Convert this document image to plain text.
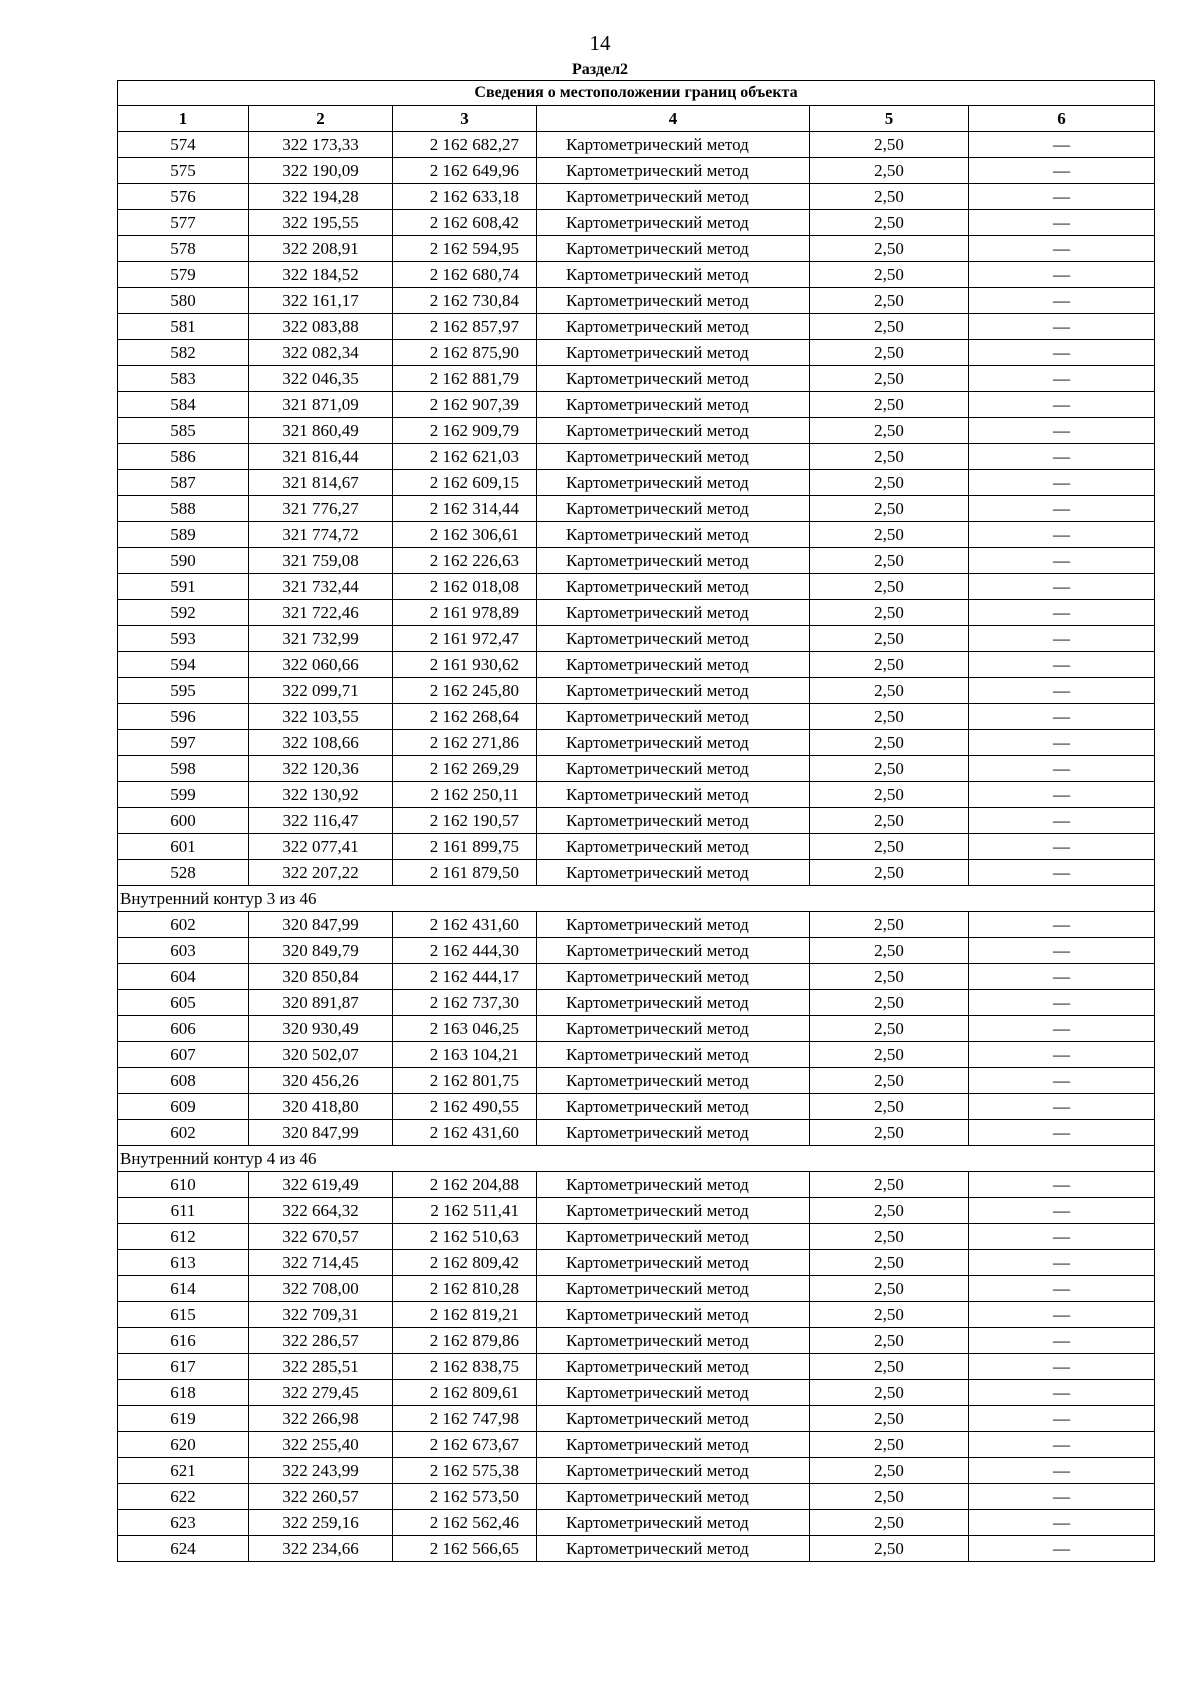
14
Раздел2
Сведения о местоположении границ объекта					
1	2	3	4	5	6
574	322 173,33	2 162 682,27	Картометрический метод	2,50	—
575	322 190,09	2 162 649,96	Картометрический метод	2,50	—
576	322 194,28	2 162 633,18	Картометрический метод	2,50	—
577	322 195,55	2 162 608,42	Картометрический метод	2,50	—
578	322 208,91	2 162 594,95	Картометрический метод	2,50	—
579	322 184,52	2 162 680,74	Картометрический метод	2,50	—
580	322 161,17	2 162 730,84	Картометрический метод	2,50	—
581	322 083,88	2 162 857,97	Картометрический метод	2,50	—
582	322 082,34	2 162 875,90	Картометрический метод	2,50	—
583	322 046,35	2 162 881,79	Картометрический метод	2,50	—
584	321 871,09	2 162 907,39	Картометрический метод	2,50	—
585	321 860,49	2 162 909,79	Картометрический метод	2,50	—
586	321 816,44	2 162 621,03	Картометрический метод	2,50	—
587	321 814,67	2 162 609,15	Картометрический метод	2,50	—
588	321 776,27	2 162 314,44	Картометрический метод	2,50	—
589	321 774,72	2 162 306,61	Картометрический метод	2,50	—
590	321 759,08	2 162 226,63	Картометрический метод	2,50	—
591	321 732,44	2 162 018,08	Картометрический метод	2,50	—
592	321 722,46	2 161 978,89	Картометрический метод	2,50	—
593	321 732,99	2 161 972,47	Картометрический метод	2,50	—
594	322 060,66	2 161 930,62	Картометрический метод	2,50	—
595	322 099,71	2 162 245,80	Картометрический метод	2,50	—
596	322 103,55	2 162 268,64	Картометрический метод	2,50	—
597	322 108,66	2 162 271,86	Картометрический метод	2,50	—
598	322 120,36	2 162 269,29	Картометрический метод	2,50	—
599	322 130,92	2 162 250,11	Картометрический метод	2,50	—
600	322 116,47	2 162 190,57	Картометрический метод	2,50	—
601	322 077,41	2 161 899,75	Картометрический метод	2,50	—
528	322 207,22	2 161 879,50	Картометрический метод	2,50	—
Внутренний контур 3 из 46					
602	320 847,99	2 162 431,60	Картометрический метод	2,50	—
603	320 849,79	2 162 444,30	Картометрический метод	2,50	—
604	320 850,84	2 162 444,17	Картометрический метод	2,50	—
605	320 891,87	2 162 737,30	Картометрический метод	2,50	—
606	320 930,49	2 163 046,25	Картометрический метод	2,50	—
607	320 502,07	2 163 104,21	Картометрический метод	2,50	—
608	320 456,26	2 162 801,75	Картометрический метод	2,50	—
609	320 418,80	2 162 490,55	Картометрический метод	2,50	—
602	320 847,99	2 162 431,60	Картометрический метод	2,50	—
Внутренний контур 4 из 46					
610	322 619,49	2 162 204,88	Картометрический метод	2,50	—
611	322 664,32	2 162 511,41	Картометрический метод	2,50	—
612	322 670,57	2 162 510,63	Картометрический метод	2,50	—
613	322 714,45	2 162 809,42	Картометрический метод	2,50	—
614	322 708,00	2 162 810,28	Картометрический метод	2,50	—
615	322 709,31	2 162 819,21	Картометрический метод	2,50	—
616	322 286,57	2 162 879,86	Картометрический метод	2,50	—
617	322 285,51	2 162 838,75	Картометрический метод	2,50	—
618	322 279,45	2 162 809,61	Картометрический метод	2,50	—
619	322 266,98	2 162 747,98	Картометрический метод	2,50	—
620	322 255,40	2 162 673,67	Картометрический метод	2,50	—
621	322 243,99	2 162 575,38	Картометрический метод	2,50	—
622	322 260,57	2 162 573,50	Картометрический метод	2,50	—
623	322 259,16	2 162 562,46	Картометрический метод	2,50	—
624	322 234,66	2 162 566,65	Картометрический метод	2,50	—
